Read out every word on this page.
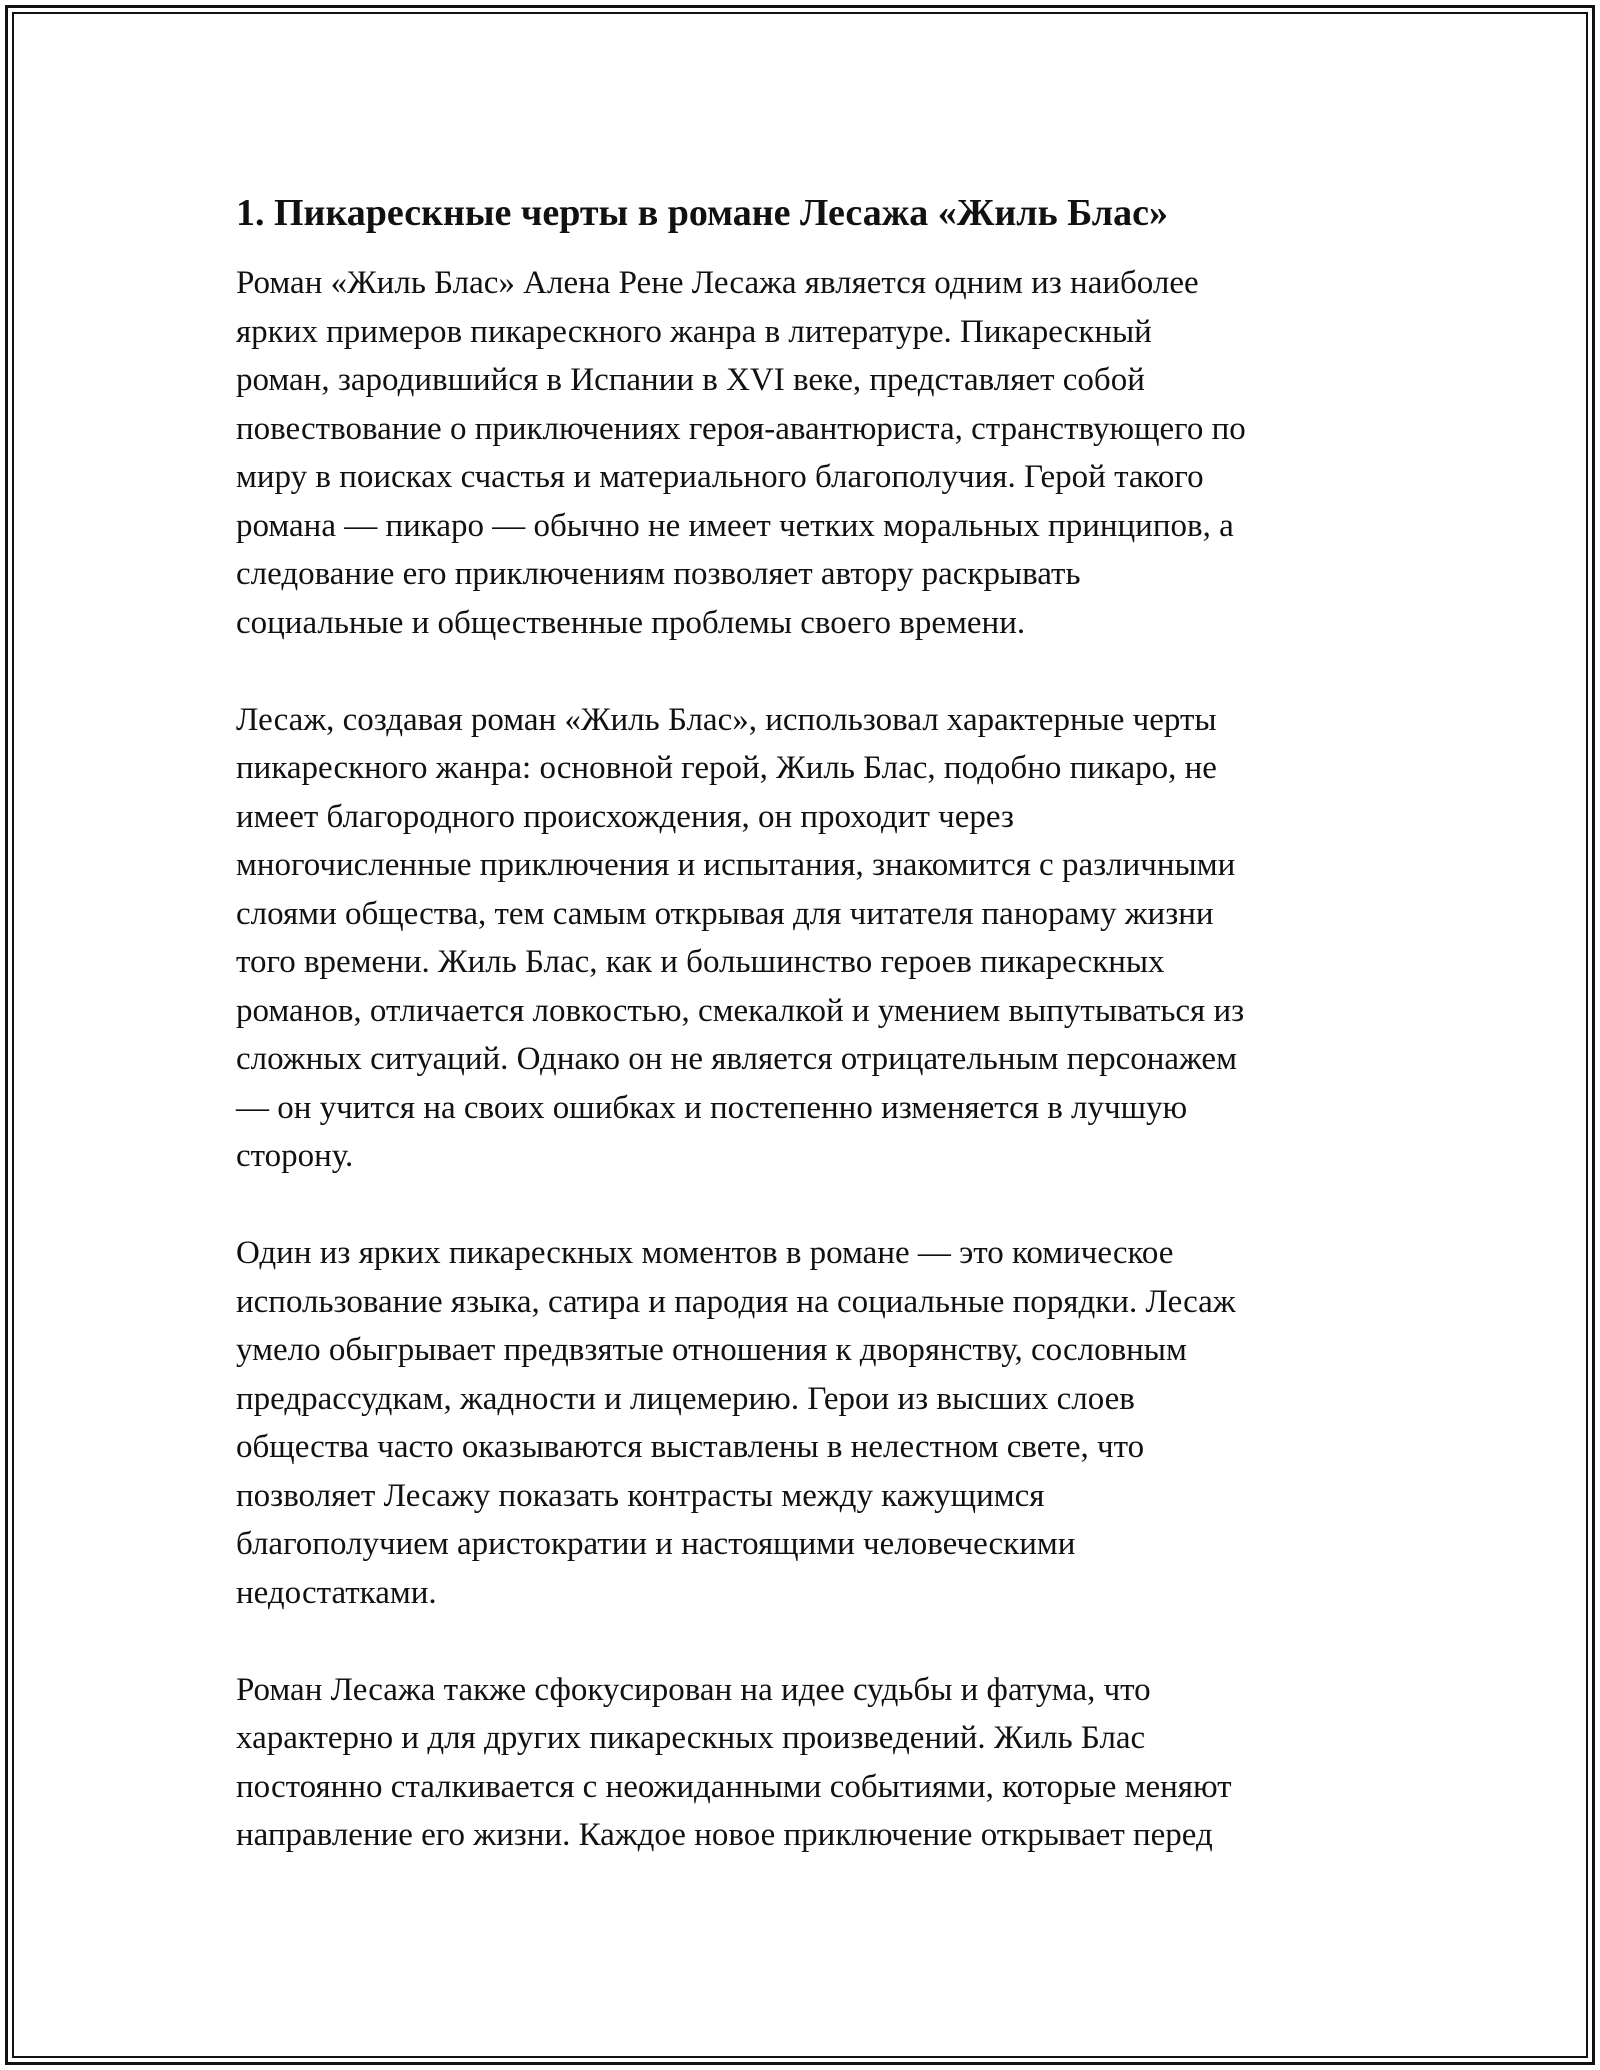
1. Пикарескные черты в романе Лесажа «Жиль Блас»

Роман «Жиль Блас» Алена Рене Лесажа является одним из наиболее
ярких примеров пикарескного жанра в литературе. Пикарескный
роман, зародившийся в Испании в XVI веке, представляет собой
повествование о приключениях героя-авантюриста, странствующего по
миру в поисках счастья и материального благополучия. Герой такого
романа — пикаро — обычно не имеет четких моральных принципов, а
следование его приключениям позволяет автору раскрывать
социальные и общественные проблемы своего времени.

Лесаж, создавая роман «Жиль Блас», использовал характерные черты
пикарескного жанра: основной герой, Жиль Блас, подобно пикаро, не
имеет благородного происхождения, он проходит через
многочисленные приключения и испытания, знакомится с различными
слоями общества, тем самым открывая для читателя панораму жизни
того времени. Жиль Блас, как и большинство героев пикарескных
романов, отличается ловкостью, смекалкой и умением выпутываться из
сложных ситуаций. Однако он не является отрицательным персонажем
— он учится на своих ошибках и постепенно изменяется в лучшую
сторону.

Один из ярких пикарескных моментов в романе — это комическое
использование языка, сатира и пародия на социальные порядки. Лесаж
умело обыгрывает предвзятые отношения к дворянству, сословным
предрассудкам, жадности и лицемерию. Герои из высших слоев
общества часто оказываются выставлены в нелестном свете, что
позволяет Лесажу показать контрасты между кажущимся
благополучием аристократии и настоящими человеческими
недостатками.

Роман Лесажа также сфокусирован на идее судьбы и фатума, что
характерно и для других пикарескных произведений. Жиль Блас
постоянно сталкивается с неожиданными событиями, которые меняют
направление его жизни. Каждое новое приключение открывает перед
